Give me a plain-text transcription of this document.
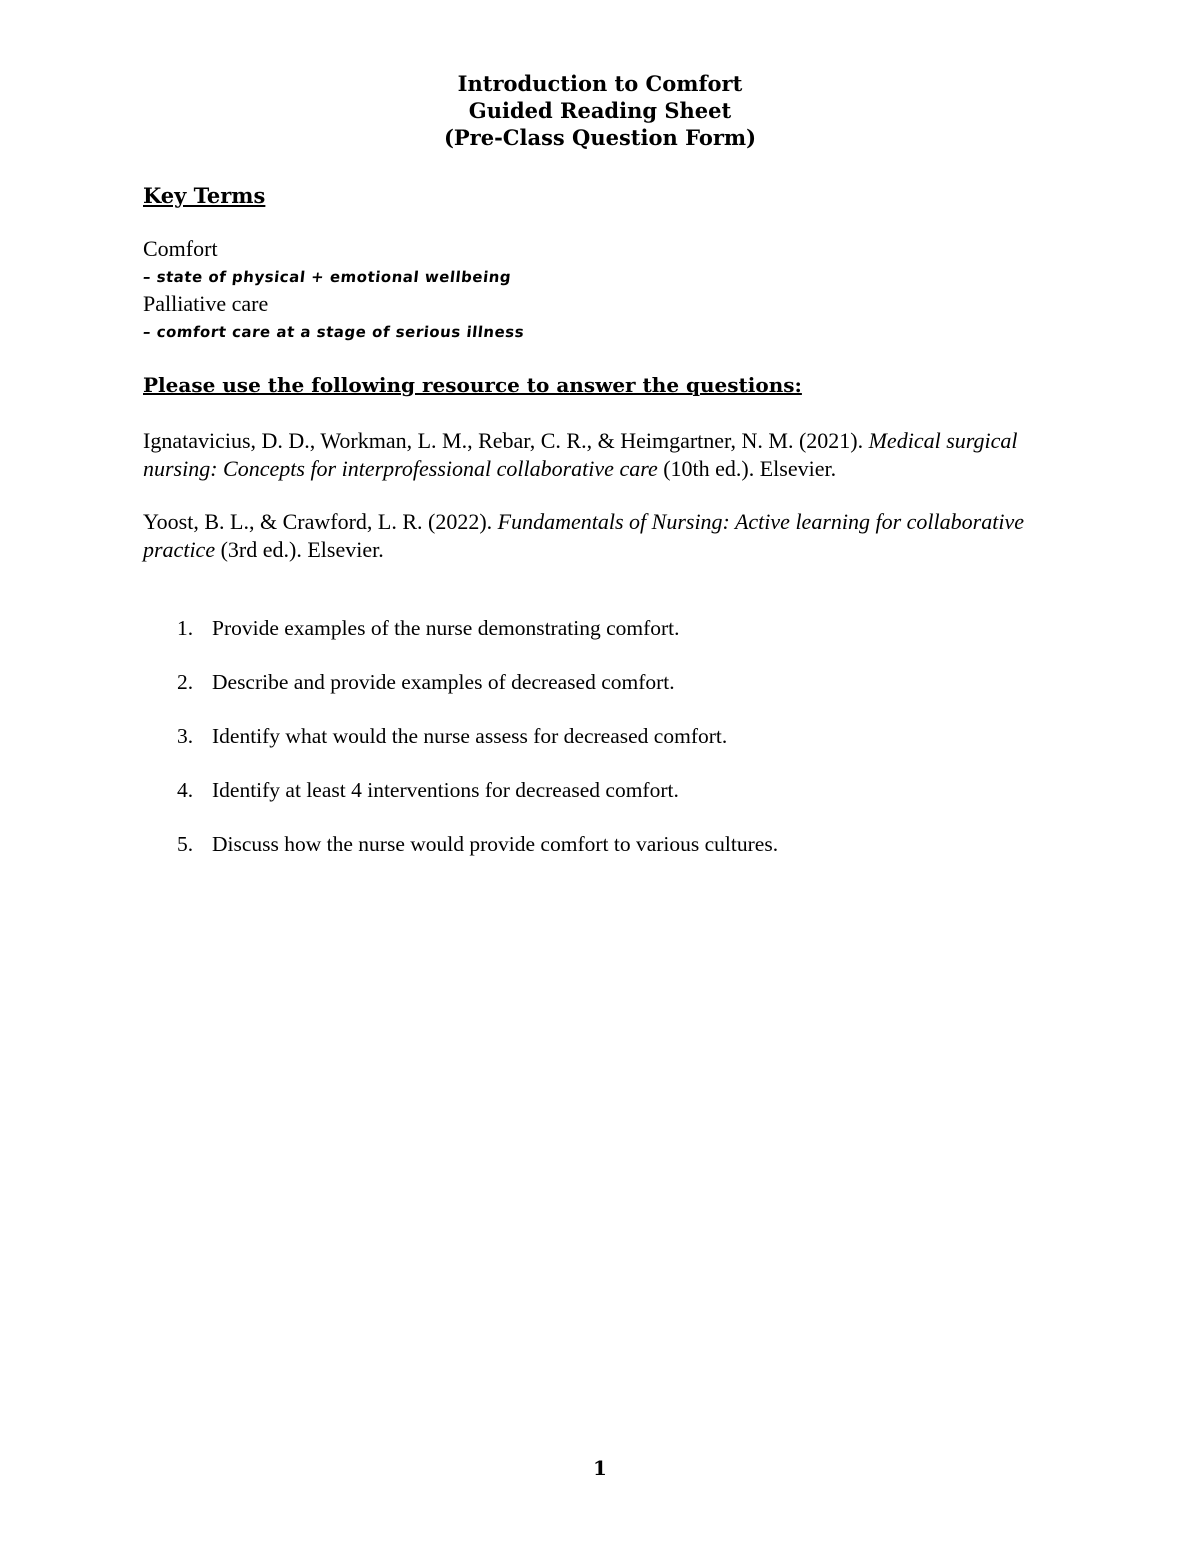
Introduction to Comfort
Guided Reading Sheet
(Pre-Class Question Form)
Key Terms
Comfort
– state of physical + emotional wellbeing
Palliative care
– comfort care at a stage of serious illness
Please use the following resource to answer the questions:
Ignatavicius, D. D., Workman, L. M., Rebar, C. R., & Heimgartner, N. M. (2021). Medical surgical nursing: Concepts for interprofessional collaborative care (10th ed.). Elsevier.
Yoost, B. L., & Crawford, L. R. (2022). Fundamentals of Nursing: Active learning for collaborative practice (3rd ed.). Elsevier.
1. Provide examples of the nurse demonstrating comfort.
2. Describe and provide examples of decreased comfort.
3. Identify what would the nurse assess for decreased comfort.
4. Identify at least 4 interventions for decreased comfort.
5. Discuss how the nurse would provide comfort to various cultures.
1
